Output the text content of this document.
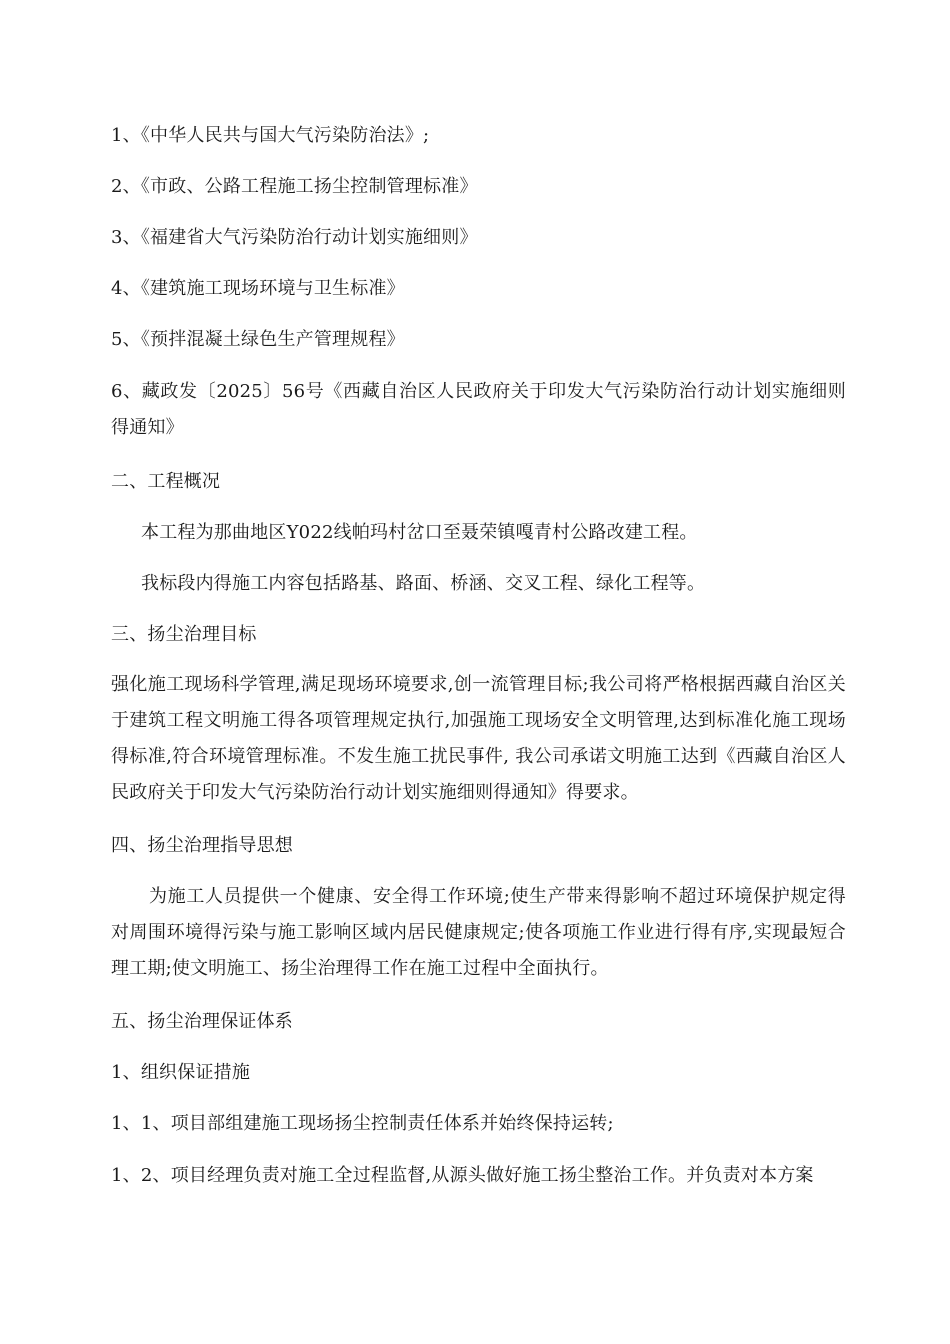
1、《中华人民共与国大气污染防治法》;
2、《市政、公路工程施工扬尘控制管理标准》
3、《福建省大气污染防治行动计划实施细则》
4、《建筑施工现场环境与卫生标准》
5、《预拌混凝土绿色生产管理规程》
6、藏政发〔2025〕56号《西藏自治区人民政府关于印发大气污染防治行动计划实施细则得通知》
二、工程概况
本工程为那曲地区Y022线帕玛村岔口至聂荣镇嘎青村公路改建工程。
我标段内得施工内容包括路基、路面、桥涵、交叉工程、绿化工程等。
三、扬尘治理目标
强化施工现场科学管理,满足现场环境要求,创一流管理目标;我公司将严格根据西藏自治区关于建筑工程文明施工得各项管理规定执行,加强施工现场安全文明管理,达到标准化施工现场得标准,符合环境管理标准。不发生施工扰民事件, 我公司承诺文明施工达到《西藏自治区人民政府关于印发大气污染防治行动计划实施细则得通知》得要求。
四、扬尘治理指导思想
为施工人员提供一个健康、安全得工作环境;使生产带来得影响不超过环境保护规定得对周围环境得污染与施工影响区域内居民健康规定;使各项施工作业进行得有序,实现最短合理工期;使文明施工、扬尘治理得工作在施工过程中全面执行。
五、扬尘治理保证体系
1、组织保证措施
1、1、项目部组建施工现场扬尘控制责任体系并始终保持运转;
1、2、项目经理负责对施工全过程监督,从源头做好施工扬尘整治工作。并负责对本方案
